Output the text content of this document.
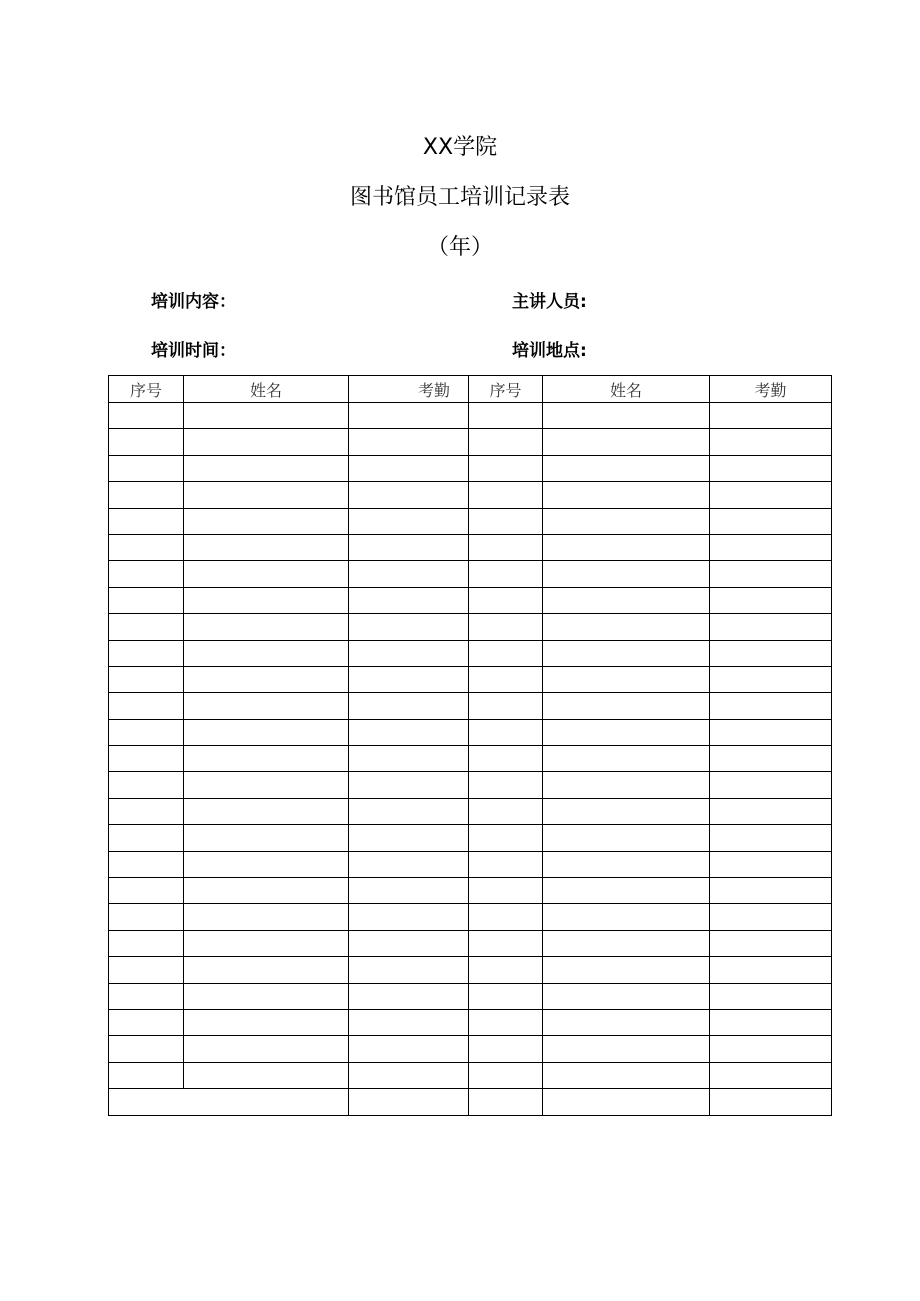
XX学院
图书馆员工培训记录表
（年）
培训内容：	主讲人员:
培训时间：	培训地点:
序号	姓名	考勤	序号	姓名	考勤
